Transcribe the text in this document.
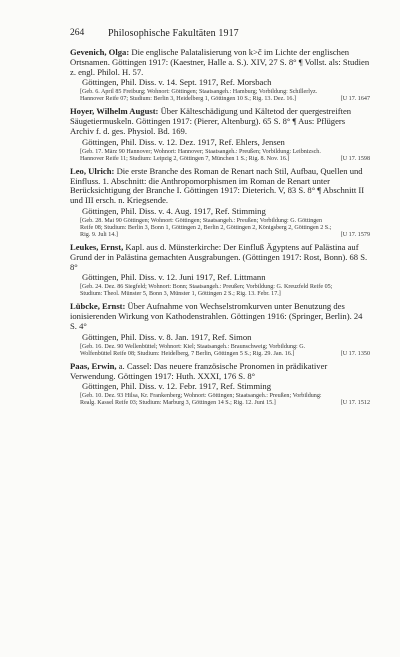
264 Philosophische Fakultäten 1917

Gevenich, Olga: Die englische Palatalisierung von k>č im Lichte der englischen Ortsnamen. Göttingen 1917: (Kaestner, Halle a. S.). XIV, 27 S. 8° ¶ Vollst. als: Studien z. engl. Philol. H. 57.

Göttingen, Phil. Diss. v. 14. Sept. 1917, Ref. Morsbach

[Geb. 6. April 85 Freiburg; Wohnort: Göttingen; Staatsangeh.: Hamburg; Vorbildung: Schillerlyz. Hannover Reife 07; Studium: Berlin 3, Heidelberg 1, Göttingen 10 S.; Rig. 13. Dez. 16.]	[U 17. 1647

Hoyer, Wilhelm August: Über Kälteschädigung und Kältetod der quergestreiften Säugetiermuskeln. Göttingen 1917: (Pierer, Altenburg). 65 S. 8° ¶ Aus: Pflügers Archiv f. d. ges. Physiol. Bd. 169.

Göttingen, Phil. Diss. v. 12. Dez. 1917, Ref. Ehlers, Jensen

[Geb. 17. März 90 Hannover; Wohnort: Hannover; Staatsangeh.: Preußen; Vorbildung: Leibnizsch. Hannover Reife 11; Studium: Leipzig 2, Göttingen 7, München 1 S.; Rig. 8. Nov. 16.]	[U 17. 1598

Leo, Ulrich: Die erste Branche des Roman de Renart nach Stil, Aufbau, Quellen und Einfluss. 1. Abschnitt: die Anthropomorphismen im Roman de Renart unter Berücksichtigung der Branche I. Göttingen 1917: Dieterich. V, 83 S. 8° ¶ Abschnitt II und III ersch. n. Kriegsende.

Göttingen, Phil. Diss. v. 4. Aug. 1917, Ref. Stimming

[Geb. 28. Mai 90 Göttingen; Wohnort: Göttingen; Staatsangeh.: Preußen; Vorbildung: G. Göttingen Reife 08; Studium: Berlin 3, Bonn 1, Göttingen 2, Berlin 2, Göttingen 2, Königsberg 2, Göttingen 2 S.; Rig. 9. Juli 14.]	[U 17. 1579

Leukes, Ernst, Kapl. aus d. Münsterkirche: Der Einfluß Ägyptens auf Palästina auf Grund der in Palästina gemachten Ausgrabungen. (Göttingen 1917: Rost, Bonn). 68 S. 8°

Göttingen, Phil. Diss. v. 12. Juni 1917, Ref. Littmann

[Geb. 24. Dez. 86 Siegfeld; Wohnort: Bonn; Staatsangeh.: Preußen; Vorbildung: G. Kreuzfeld Reife 05; Studium: Theol. Münster 5, Bonn 3, Münster 1, Göttingen 2 S.; Rig. 13. Febr. 17.]

Lübcke, Ernst: Über Aufnahme von Wechselstromkurven unter Benutzung des ionisierenden Wirkung von Kathodenstrahlen. Göttingen 1916: (Springer, Berlin). 24 S. 4°

Göttingen, Phil. Diss. v. 8. Jan. 1917, Ref. Simon

[Geb. 16. Dez. 90 Wellenbüttel; Wohnort: Kiel; Staatsangeh.: Braunschweig; Vorbildung: G. Wolfenbüttel Reife 08; Studium: Heidelberg, 7 Berlin, Göttingen 5 S.; Rig. 29. Jan. 16.]	[U 17. 1350

Paas, Erwin, a. Cassel: Das neuere französische Pronomen in prädikativer Verwendung. Göttingen 1917: Huth. XXXI, 176 S. 8°

Göttingen, Phil. Diss. v. 12. Febr. 1917, Ref. Stimming

[Geb. 10. Dez. 93 Hilsa, Kr. Frankenberg; Wohnort: Göttingen; Staatsangeh.: Preußen; Vorbildung: Realg. Kassel Reife 03; Studium: Marburg 3, Göttingen 14 S.; Rig. 12. Juni 15.]	[U 17. 1512
